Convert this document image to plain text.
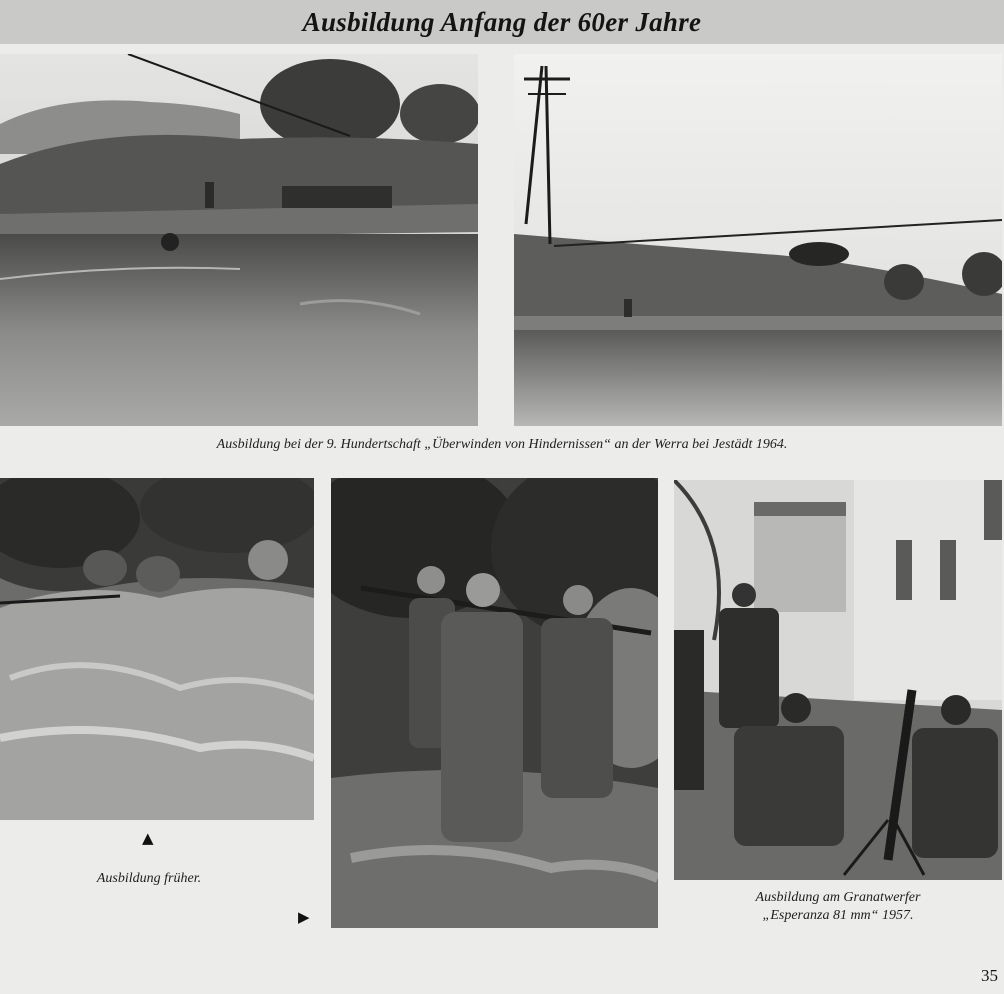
Ausbildung Anfang der 60er Jahre
Ausbildung bei der 9. Hundertschaft „Überwinden von Hindernissen“ an der Werra bei Jestädt 1964.
▲
Ausbildung früher.
▶
Ausbildung am Granatwerfer
„Esperanza 81 mm“ 1957.
35
